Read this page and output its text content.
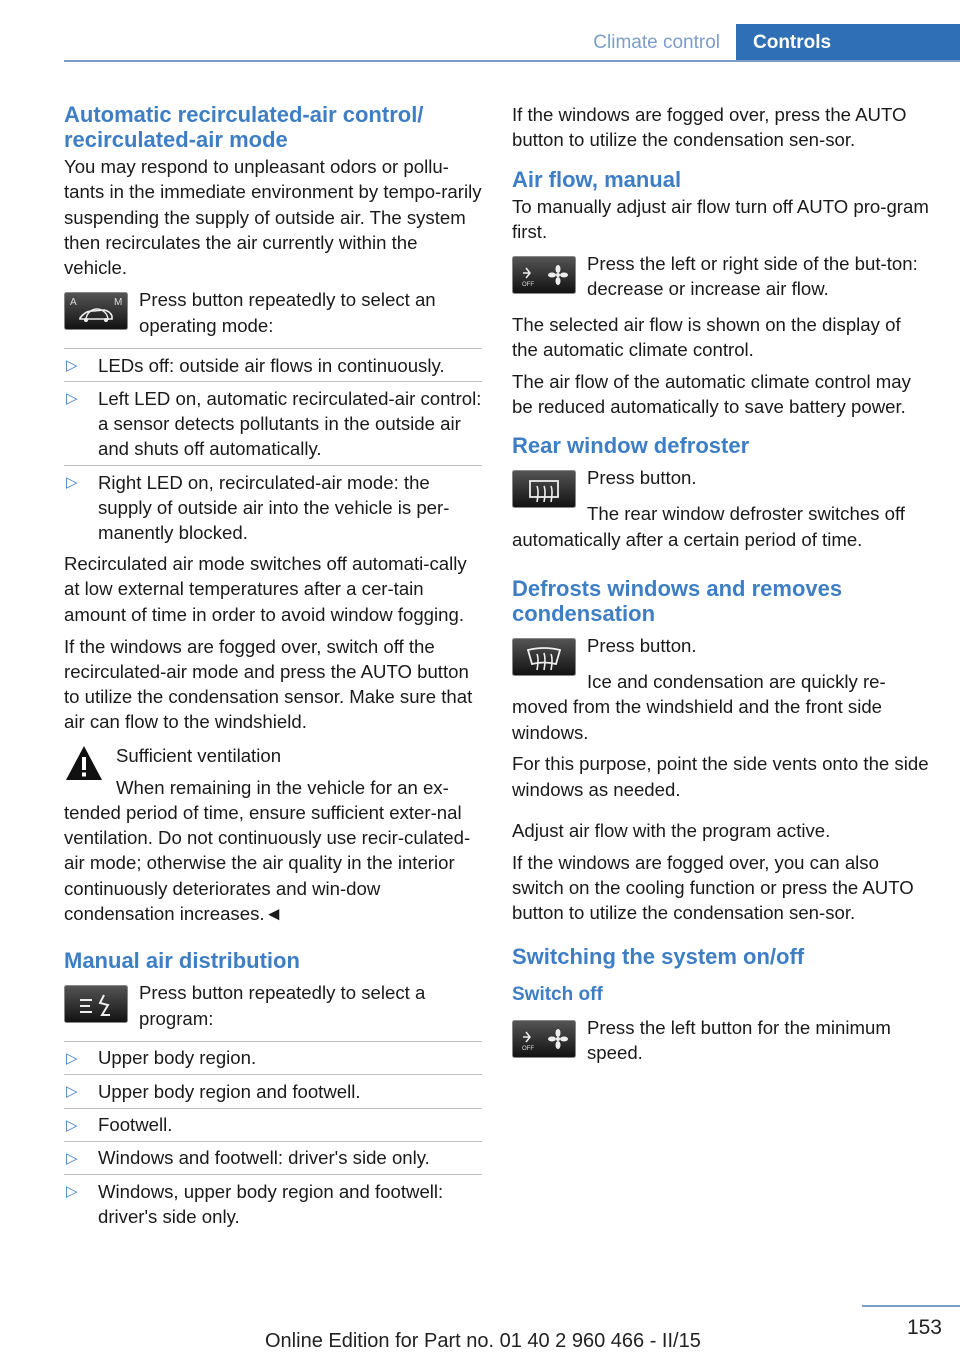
Climate control	Controls
Automatic recirculated-air control/ recirculated-air mode

You may respond to unpleasant odors or pollu-tants in the immediate environment by tempo-rarily suspending the supply of outside air. The system then recirculates the air currently within the vehicle.

A	M Press button repeatedly to select an operating mode:

▷ LEDs off: outside air flows in continuously.
▷ Left LED on, automatic recirculated-air control: a sensor detects pollutants in the outside air and shuts off automatically.
▷ Right LED on, recirculated-air mode: the supply of outside air into the vehicle is per-manently blocked.

Recirculated air mode switches off automati-cally at low external temperatures after a cer-tain amount of time in order to avoid window fogging.

If the windows are fogged over, switch off the recirculated-air mode and press the AUTO button to utilize the condensation sensor. Make sure that air can flow to the windshield.

Sufficient ventilation

When remaining in the vehicle for an ex-tended period of time, ensure sufficient exter-nal ventilation. Do not continuously use recir-culated-air mode; otherwise the air quality in the interior continuously deteriorates and win-dow condensation increases.◄

Manual air distribution

Press button repeatedly to select a program:

▷ Upper body region.
▷ Upper body region and footwell.
▷ Footwell.
▷ Windows and footwell: driver's side only.
▷ Windows, upper body region and footwell: driver's side only.

If the windows are fogged over, press the AUTO button to utilize the condensation sen-sor.

Air flow, manual

To manually adjust air flow turn off AUTO pro-gram first.

OFF

Press the left or right side of the but-ton: decrease or increase air flow.

The selected air flow is shown on the display of the automatic climate control.

The air flow of the automatic climate control may be reduced automatically to save battery power.

Rear window defroster

Press button.

The rear window defroster switches off automatically after a certain period of time.

Defrosts windows and removes condensation

Press button.

Ice and condensation are quickly re-moved from the windshield and the front side windows.

For this purpose, point the side vents onto the side windows as needed.

Adjust air flow with the program active.

If the windows are fogged over, you can also switch on the cooling function or press the AUTO button to utilize the condensation sen-sor.

Switching the system on/off
Switch off
OFF

Press the left button for the minimum speed.

153
Online Edition for Part no. 01 40 2 960 466 - II/15
